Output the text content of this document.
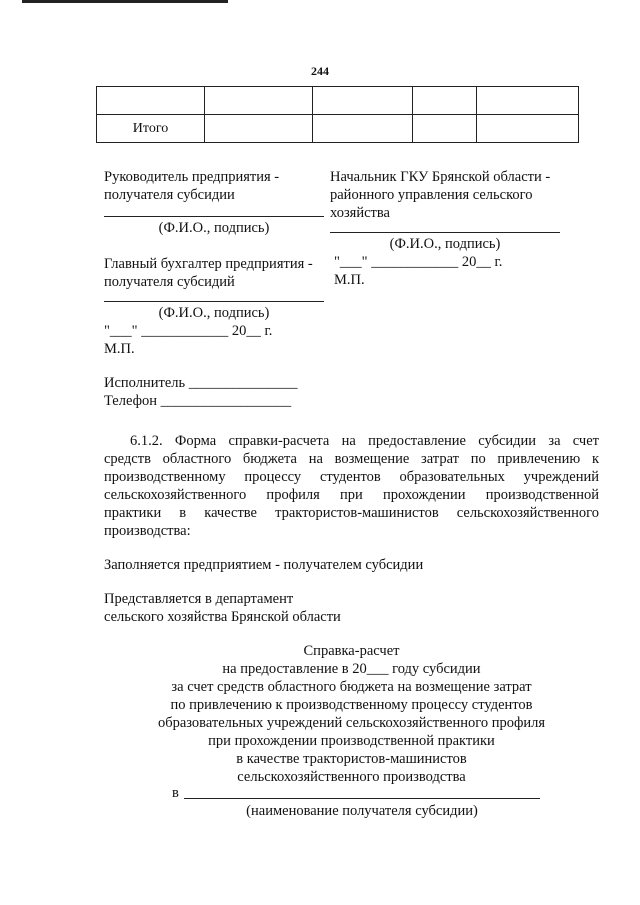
244

Итого				
Руководитель предприятия -
получателя субсидии
(Ф.И.О., подпись)
Главный бухгалтер предприятия -
получателя субсидий
(Ф.И.О., подпись)
"___" ____________ 20__ г.
М.П.
Исполнитель _______________
Телефон __________________
Начальник ГКУ Брянской области -
районного управления сельского
хозяйства
(Ф.И.О., подпись)
"___" ____________ 20__ г.
М.П.
6.1.2. Форма справки-расчета на предоставление субсидии за счет
средств областного бюджета на возмещение затрат по привлечению к
производственному процессу студентов образовательных учреждений
сельскохозяйственного профиля при прохождении производственной
практики в качестве трактористов-машинистов сельскохозяйственного
производства:
Заполняется предприятием - получателем субсидии
Представляется в департамент
сельского хозяйства Брянской области
Справка-расчет
на предоставление в 20___ году субсидии
за счет средств областного бюджета на возмещение затрат
по привлечению к производственному процессу студентов
образовательных учреждений сельскохозяйственного профиля
при прохождении производственной практики
в качестве трактористов-машинистов
сельскохозяйственного производства
в
(наименование получателя субсидии)
